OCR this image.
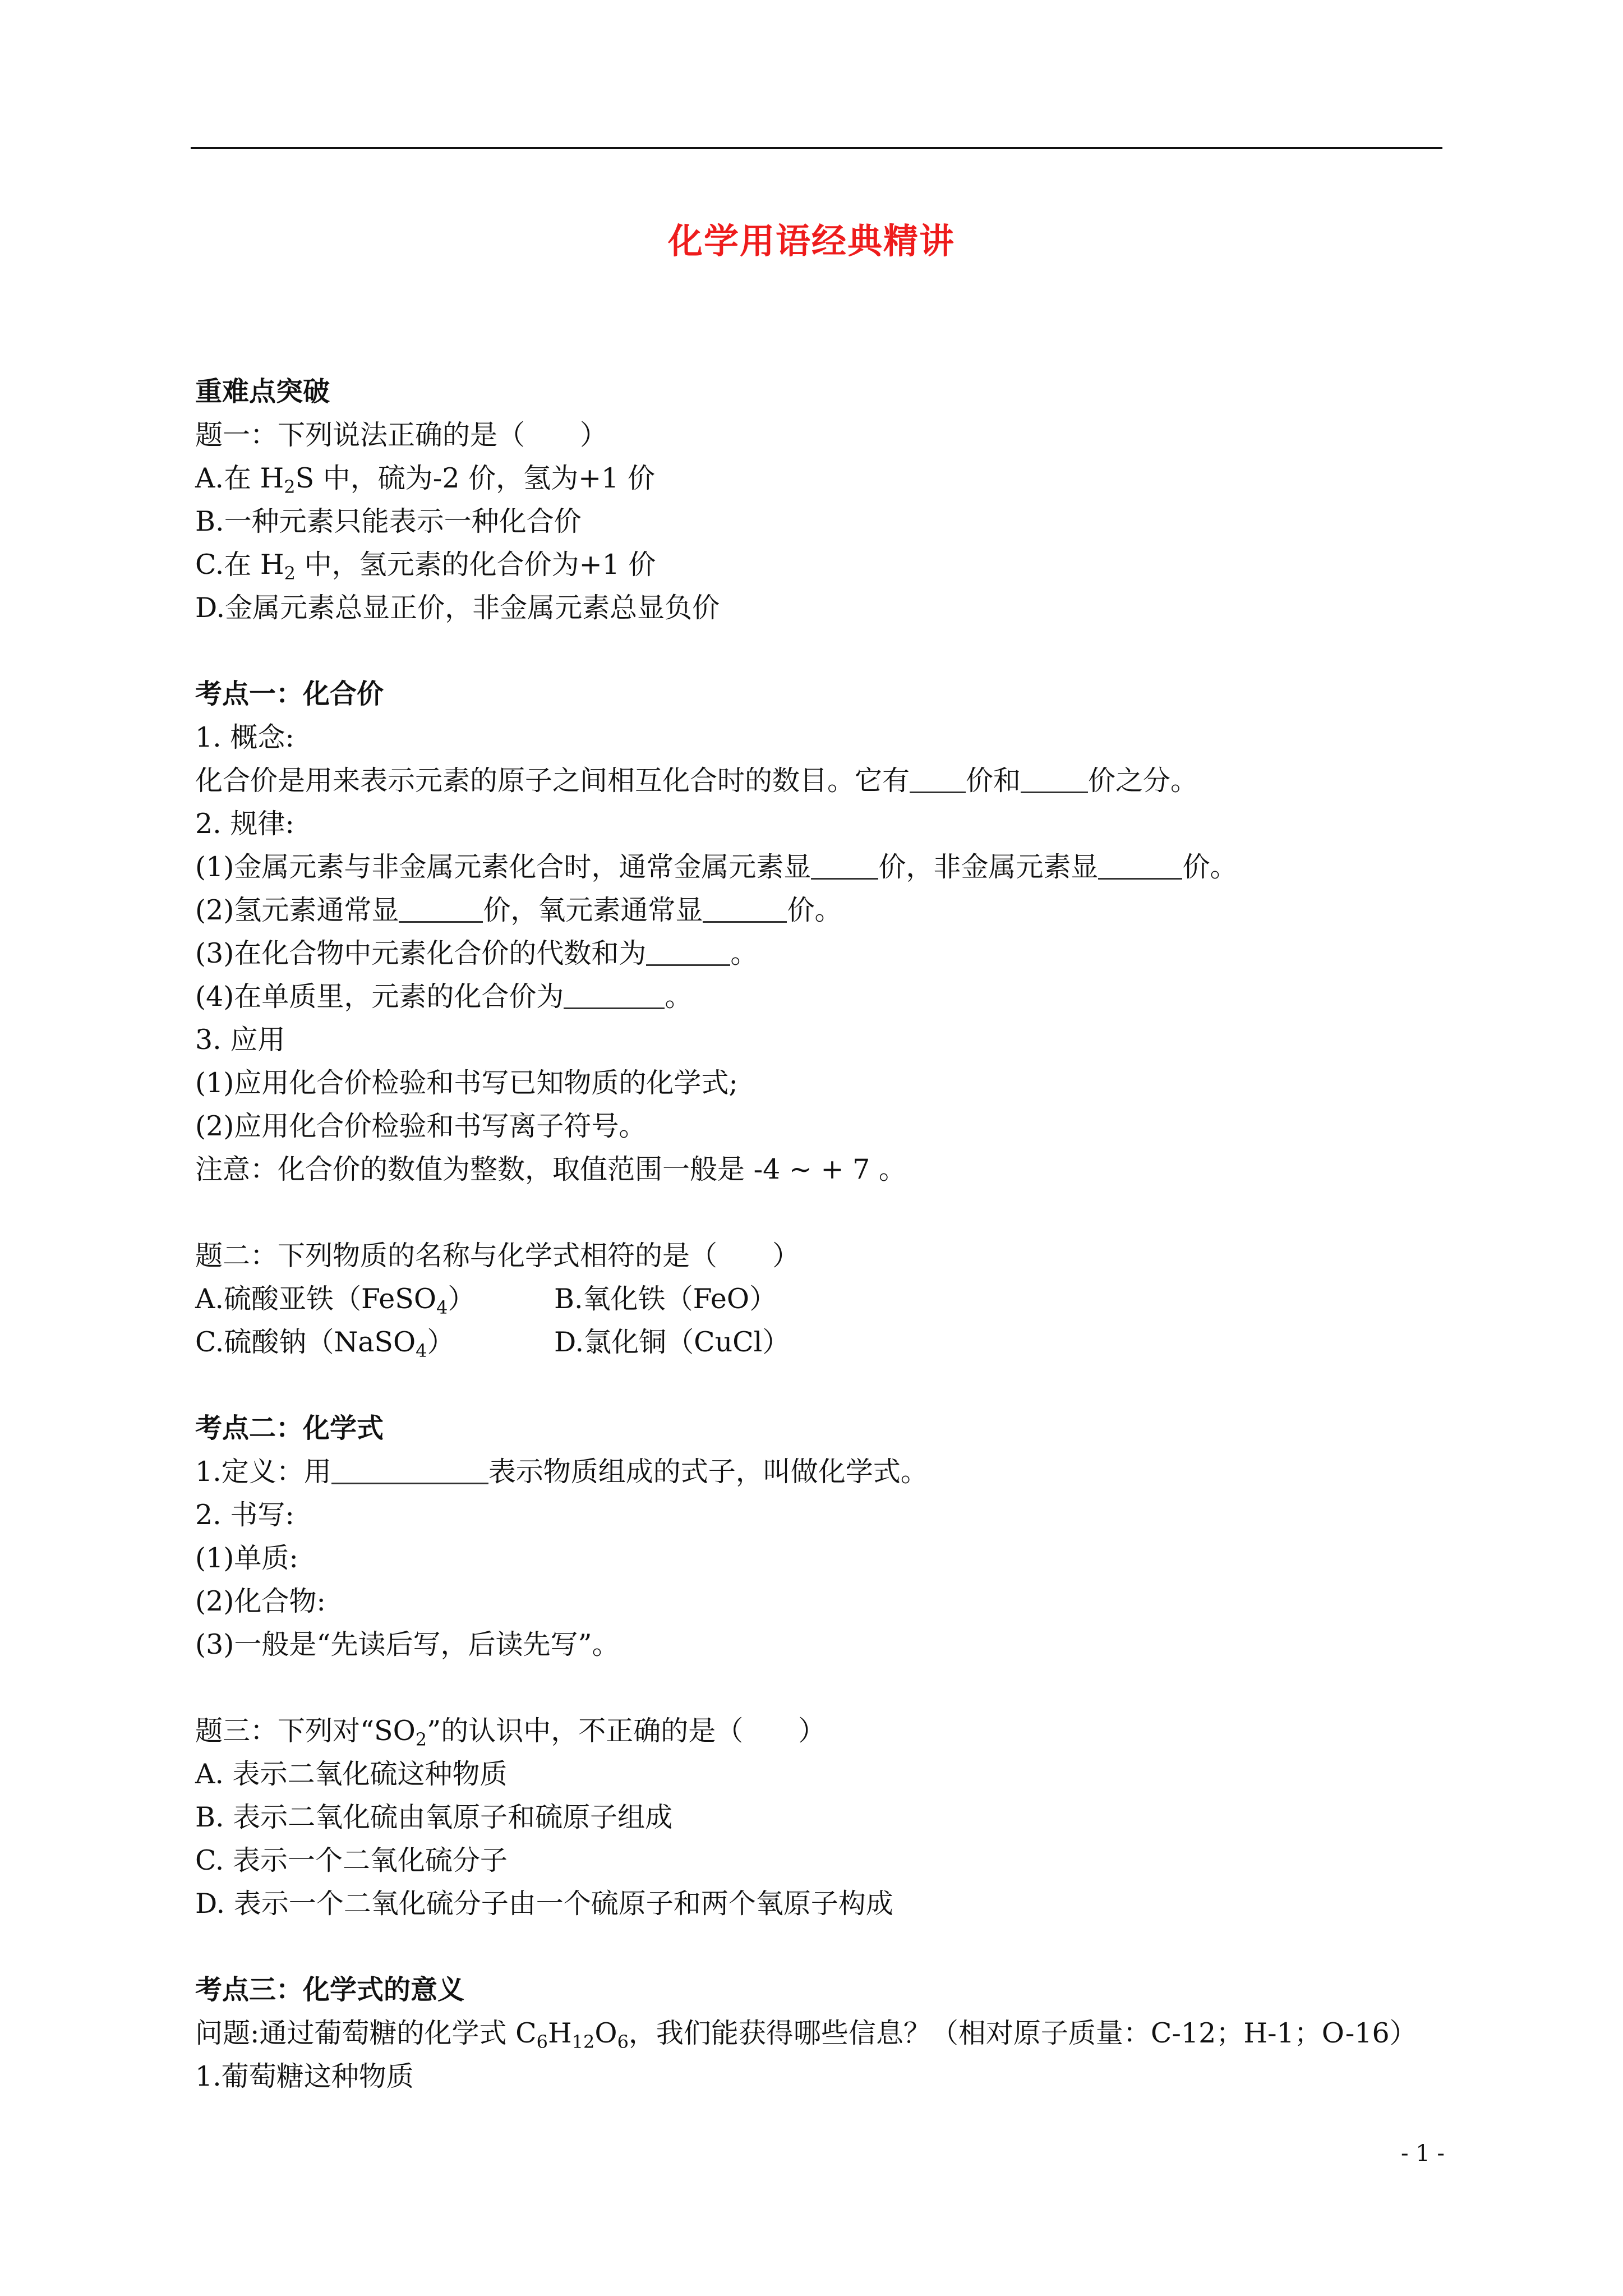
化学用语经典精讲
重难点突破
题一：下列说法正确的是（　　）
A.在 $H_2S$ 中，硫为-2 价，氢为+1 价
B.一种元素只能表示一种化合价
C.在 $H_2$ 中，氢元素的化合价为+1 价
D.金属元素总显正价，非金属元素总显负价
考点一：化合价
1. 概念:
化合价是用来表示元素的原子之间相互化合时的数目。它有 价和 价之分。
2. 规律:
(1)金属元素与非金属元素化合时，通常金属元素显 价，非金属元素显	价。
(2)氢元素通常显	价，氧元素通常显	价。
(3)在化合物中元素化合价的代数和为	。
(4)在单质里，元素的化合价为	。
3. 应用
(1)应用化合价检验和书写已知物质的化学式;
(2)应用化合价检验和书写离子符号。
注意：化合价的数值为整数，取值范围一般是 -4 ~ + 7 。
题二：下列物质的名称与化学式相符的是（　　）
A.硫酸亚铁（FeSO$_4$）	B.氧化铁（FeO）
C.硫酸钠（NaSO$_4$）	D.氯化铜（CuCl）
考点二：化学式
1.定义：用	表示物质组成的式子，叫做化学式。
2. 书写:
(1)单质:
(2)化合物:
(3)一般是“先读后写，后读先写”。
题三：下列对“$SO_2$”的认识中，不正确的是（　　）
A. 表示二氧化硫这种物质
B. 表示二氧化硫由氧原子和硫原子组成
C. 表示一个二氧化硫分子
D. 表示一个二氧化硫分子由一个硫原子和两个氧原子构成
考点三：化学式的意义
问题:通过葡萄糖的化学式 $C_6H_{12}O_6$，我们能获得哪些信息？（相对原子质量：C-12；H-1；O-16）
1.葡萄糖这种物质
- 1 -
